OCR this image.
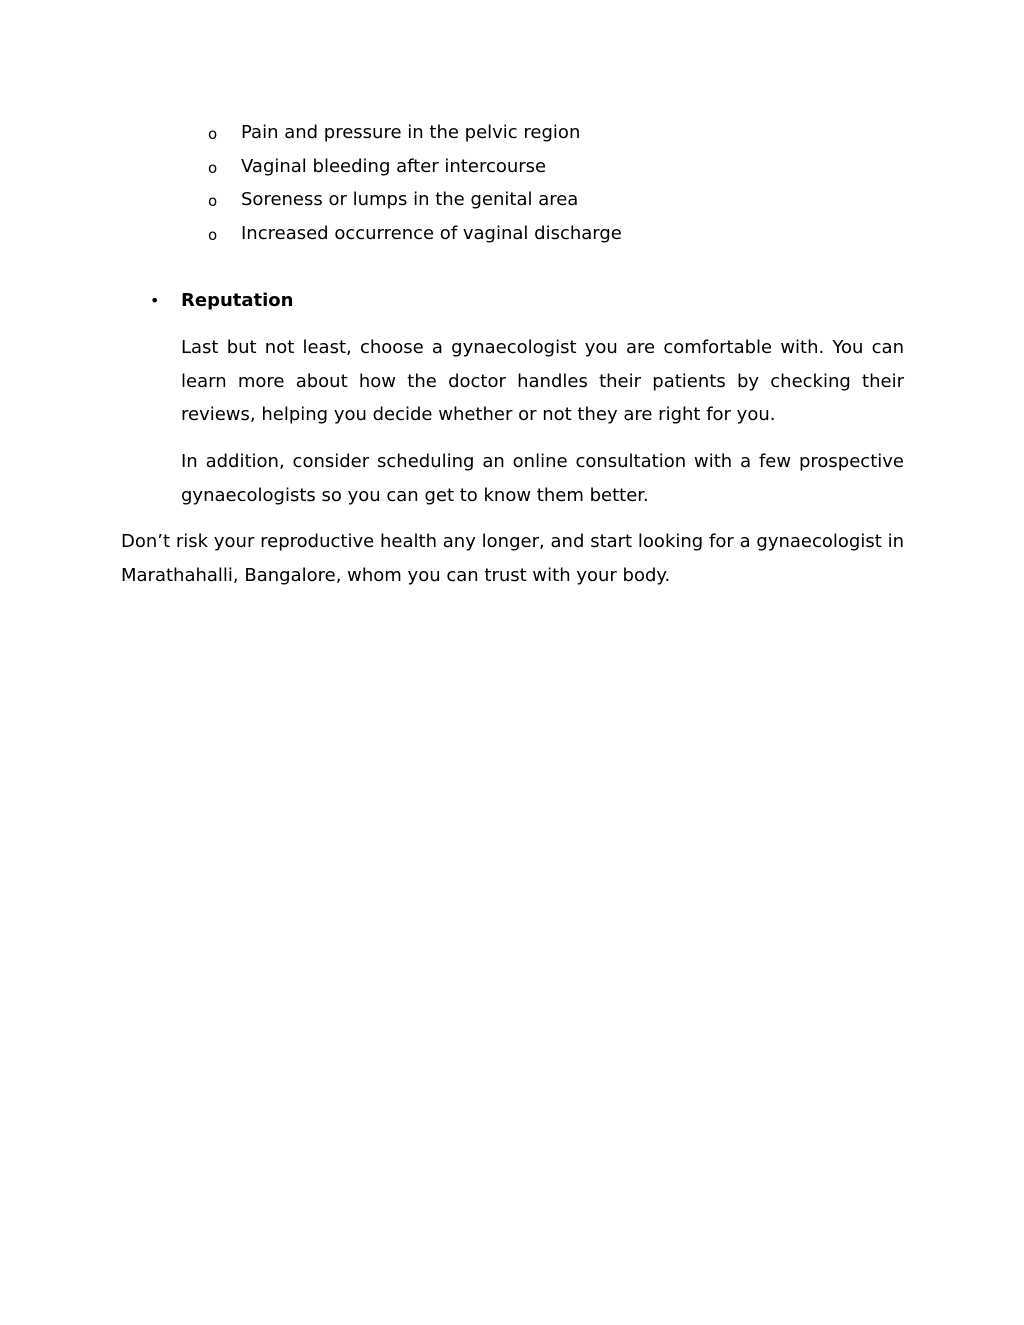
o	Pain and pressure in the pelvic region
o	Vaginal bleeding after intercourse
o	Soreness or lumps in the genital area
o	Increased occurrence of vaginal discharge
•	Reputation

Last but not least, choose a gynaecologist you are comfortable with. You can learn more about how the doctor handles their patients by checking their reviews, helping you decide whether or not they are right for you.

In addition, consider scheduling an online consultation with a few prospective gynaecologists so you can get to know them better.

Don’t risk your reproductive health any longer, and start looking for a gynaecologist in Marathahalli, Bangalore, whom you can trust with your body.
